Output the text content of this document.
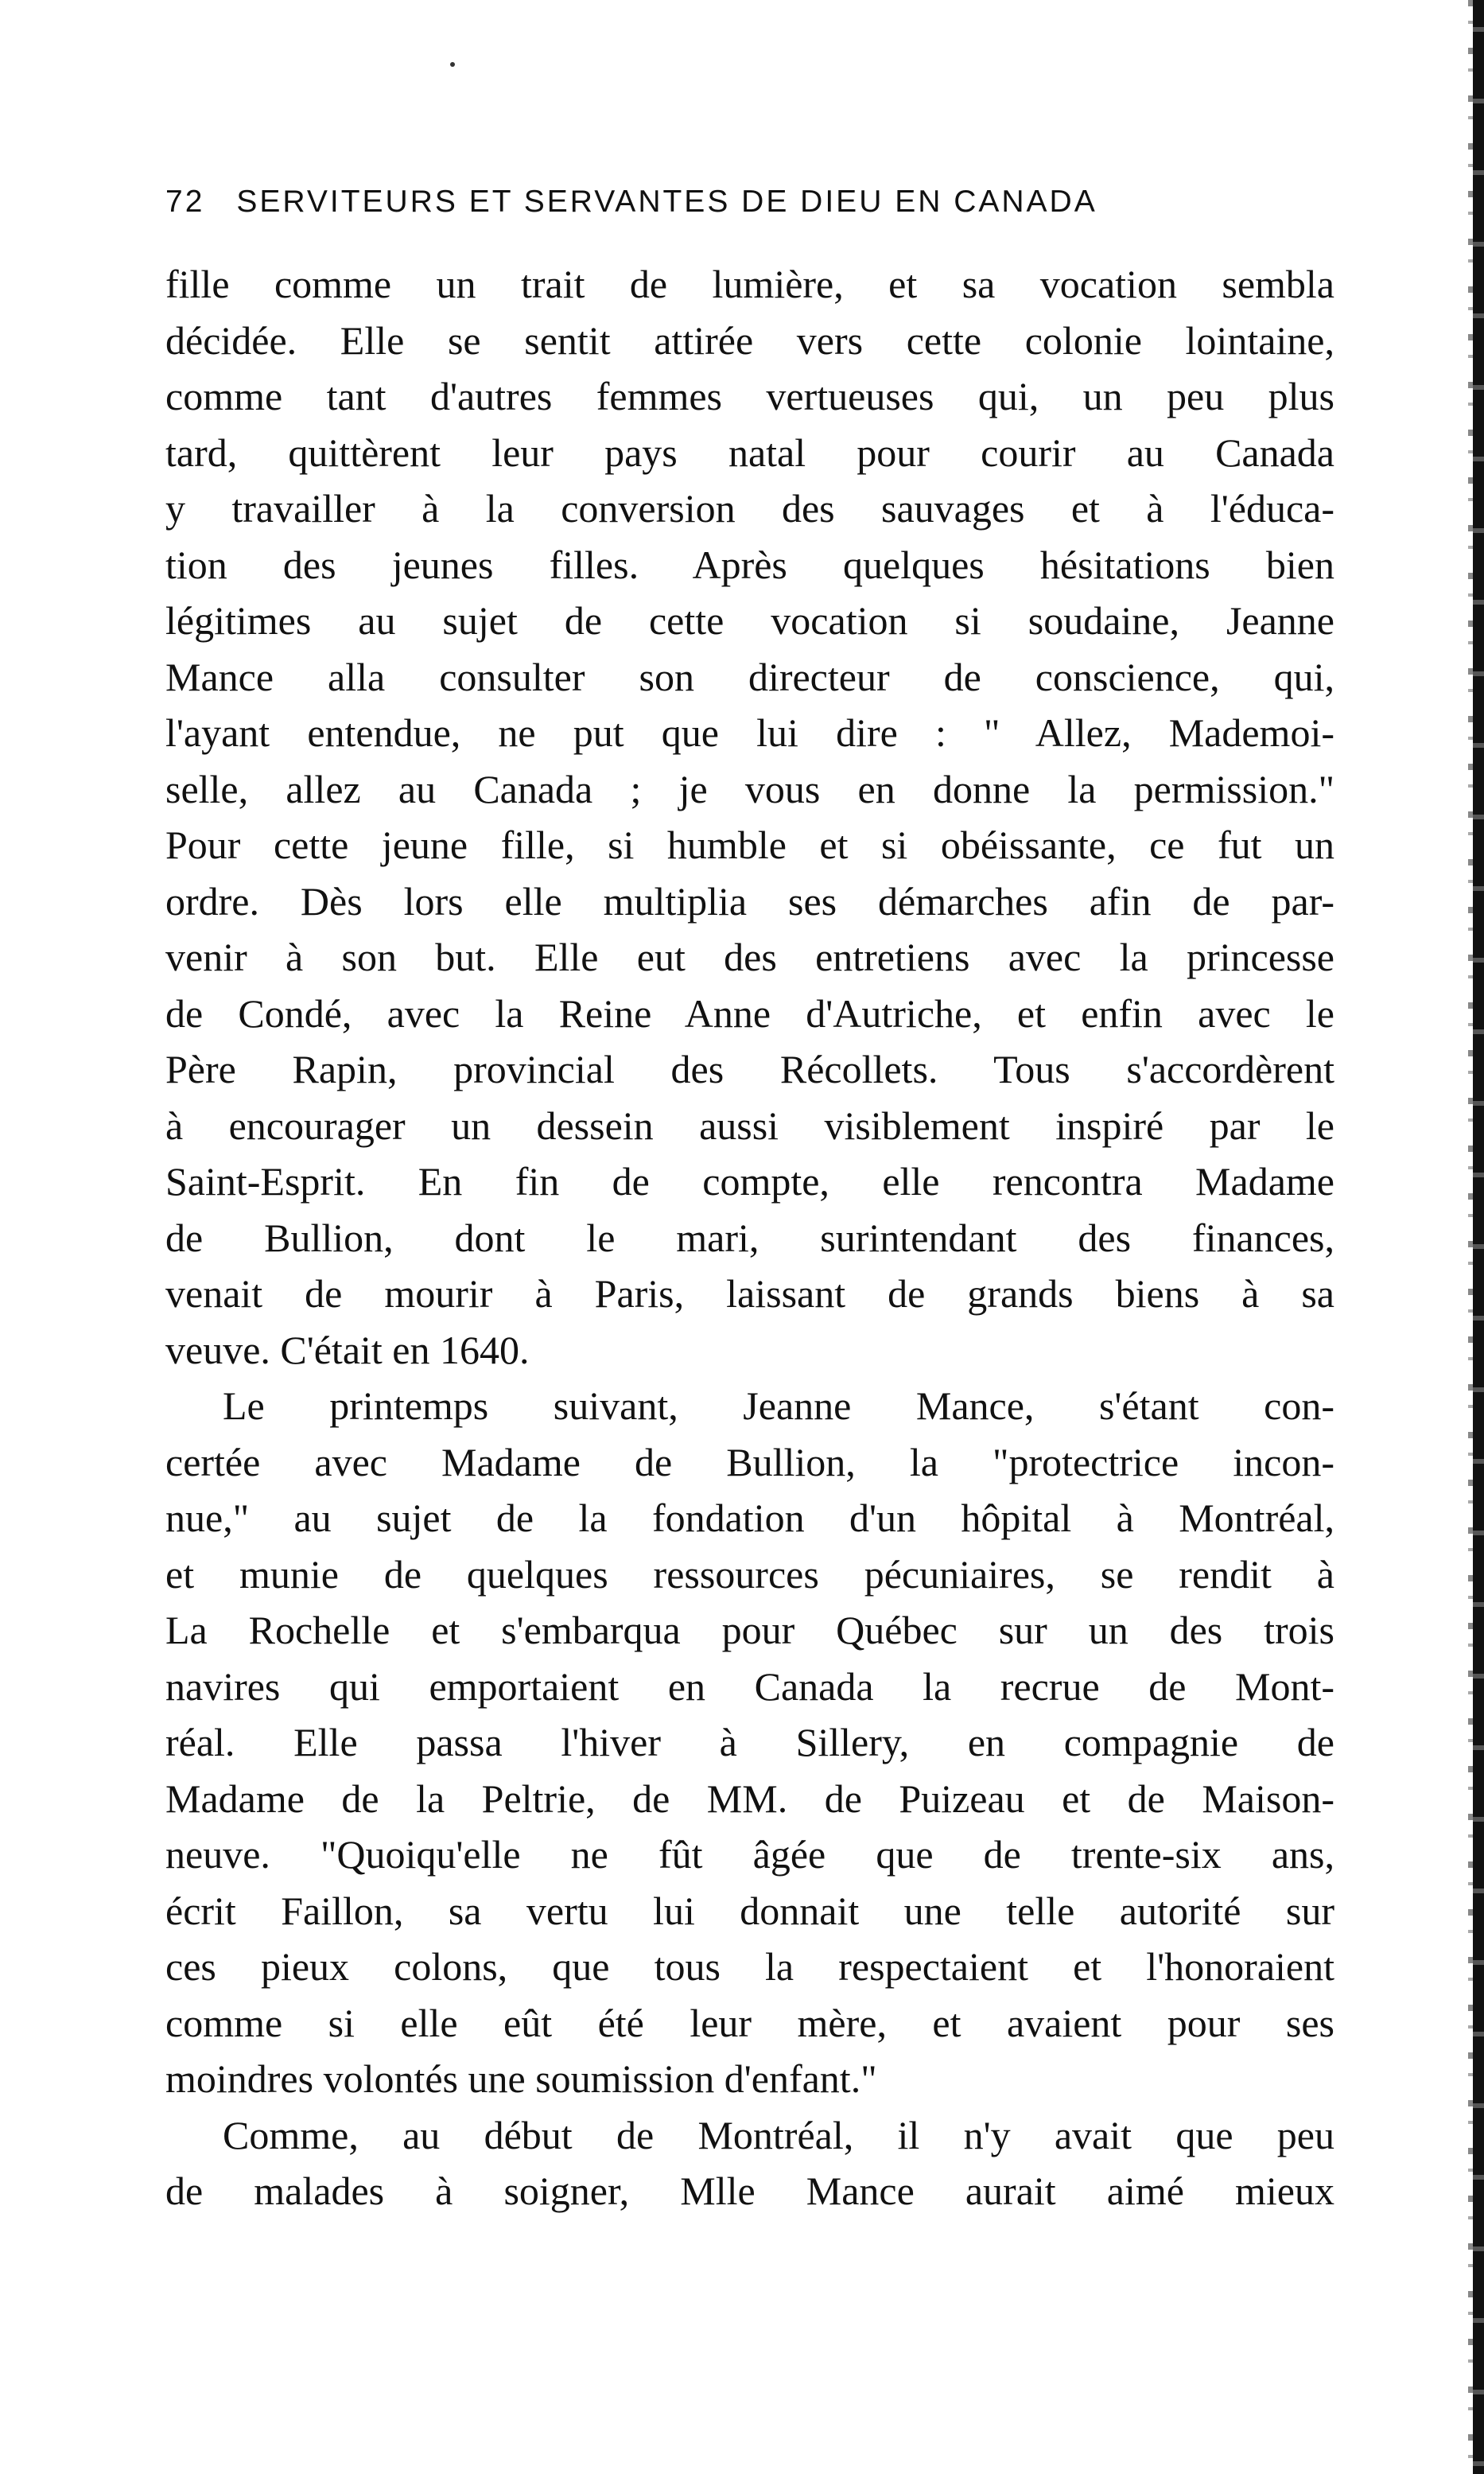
72 SERVITEURS ET SERVANTES DE DIEU EN CANADA
fille comme un trait de lumière, et sa vocation sembla
décidée. Elle se sentit attirée vers cette colonie lointaine,
comme tant d'autres femmes vertueuses qui, un peu plus
tard, quittèrent leur pays natal pour courir au Canada
y travailler à la conversion des sauvages et à l'éduca-
tion des jeunes filles. Après quelques hésitations bien
légitimes au sujet de cette vocation si soudaine, Jeanne
Mance alla consulter son directeur de conscience, qui,
l'ayant entendue, ne put que lui dire : " Allez, Mademoi-
selle, allez au Canada ; je vous en donne la permission."
Pour cette jeune fille, si humble et si obéissante, ce fut un
ordre. Dès lors elle multiplia ses démarches afin de par-
venir à son but. Elle eut des entretiens avec la princesse
de Condé, avec la Reine Anne d'Autriche, et enfin avec le
Père Rapin, provincial des Récollets. Tous s'accordèrent
à encourager un dessein aussi visiblement inspiré par le
Saint-Esprit. En fin de compte, elle rencontra Madame
de Bullion, dont le mari, surintendant des finances,
venait de mourir à Paris, laissant de grands biens à sa
veuve. C'était en 1640.
Le printemps suivant, Jeanne Mance, s'étant con-
certée avec Madame de Bullion, la "protectrice incon-
nue," au sujet de la fondation d'un hôpital à Montréal,
et munie de quelques ressources pécuniaires, se rendit à
La Rochelle et s'embarqua pour Québec sur un des trois
navires qui emportaient en Canada la recrue de Mont-
réal. Elle passa l'hiver à Sillery, en compagnie de
Madame de la Peltrie, de MM. de Puizeau et de Maison-
neuve. "Quoiqu'elle ne fût âgée que de trente-six ans,
écrit Faillon, sa vertu lui donnait une telle autorité sur
ces pieux colons, que tous la respectaient et l'honoraient
comme si elle eût été leur mère, et avaient pour ses
moindres volontés une soumission d'enfant."
Comme, au début de Montréal, il n'y avait que peu
de malades à soigner, Mlle Mance aurait aimé mieux
